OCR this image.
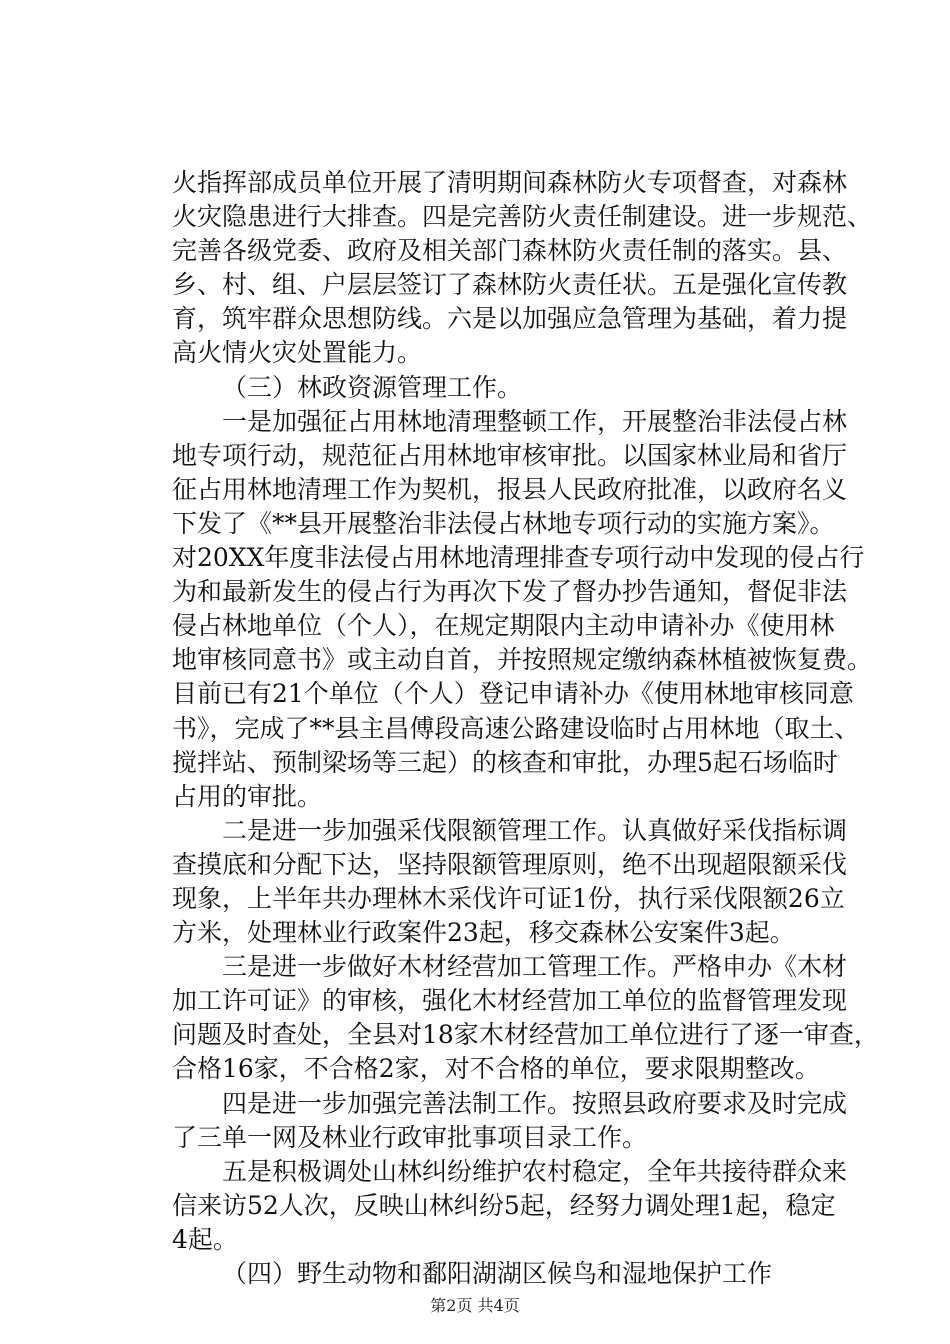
火指挥部成员单位开展了清明期间森林防火专项督查，对森林
火灾隐患进行大排查。四是完善防火责任制建设。进一步规范、
完善各级党委、政府及相关部门森林防火责任制的落实。县、
乡、村、组、户层层签订了森林防火责任状。五是强化宣传教
育，筑牢群众思想防线。六是以加强应急管理为基础，着力提
高火情火灾处置能力。
（三）林政资源管理工作。
一是加强征占用林地清理整顿工作，开展整治非法侵占林
地专项行动，规范征占用林地审核审批。以国家林业局和省厅
征占用林地清理工作为契机，报县人民政府批准，以政府名义
下发了《**县开展整治非法侵占林地专项行动的实施方案》。
对20XX年度非法侵占用林地清理排查专项行动中发现的侵占行
为和最新发生的侵占行为再次下发了督办抄告通知，督促非法
侵占林地单位（个人），在规定期限内主动申请补办《使用林
地审核同意书》或主动自首，并按照规定缴纳森林植被恢复费。
目前已有21个单位（个人）登记申请补办《使用林地审核同意
书》，完成了**县主昌傅段高速公路建设临时占用林地（取土、
搅拌站、预制梁场等三起）的核查和审批，办理5起石场临时
占用的审批。
二是进一步加强采伐限额管理工作。认真做好采伐指标调
查摸底和分配下达，坚持限额管理原则，绝不出现超限额采伐
现象，上半年共办理林木采伐许可证1份，执行采伐限额26立
方米，处理林业行政案件23起，移交森林公安案件3起。
三是进一步做好木材经营加工管理工作。严格申办《木材
加工许可证》的审核，强化木材经营加工单位的监督管理发现
问题及时查处，全县对18家木材经营加工单位进行了逐一审查，
合格16家，不合格2家，对不合格的单位，要求限期整改。
四是进一步加强完善法制工作。按照县政府要求及时完成
了三单一网及林业行政审批事项目录工作。
五是积极调处山林纠纷维护农村稳定，全年共接待群众来
信来访52人次，反映山林纠纷5起，经努力调处理1起，稳定
4起。
（四）野生动物和鄱阳湖湖区候鸟和湿地保护工作
第2页 共4页
